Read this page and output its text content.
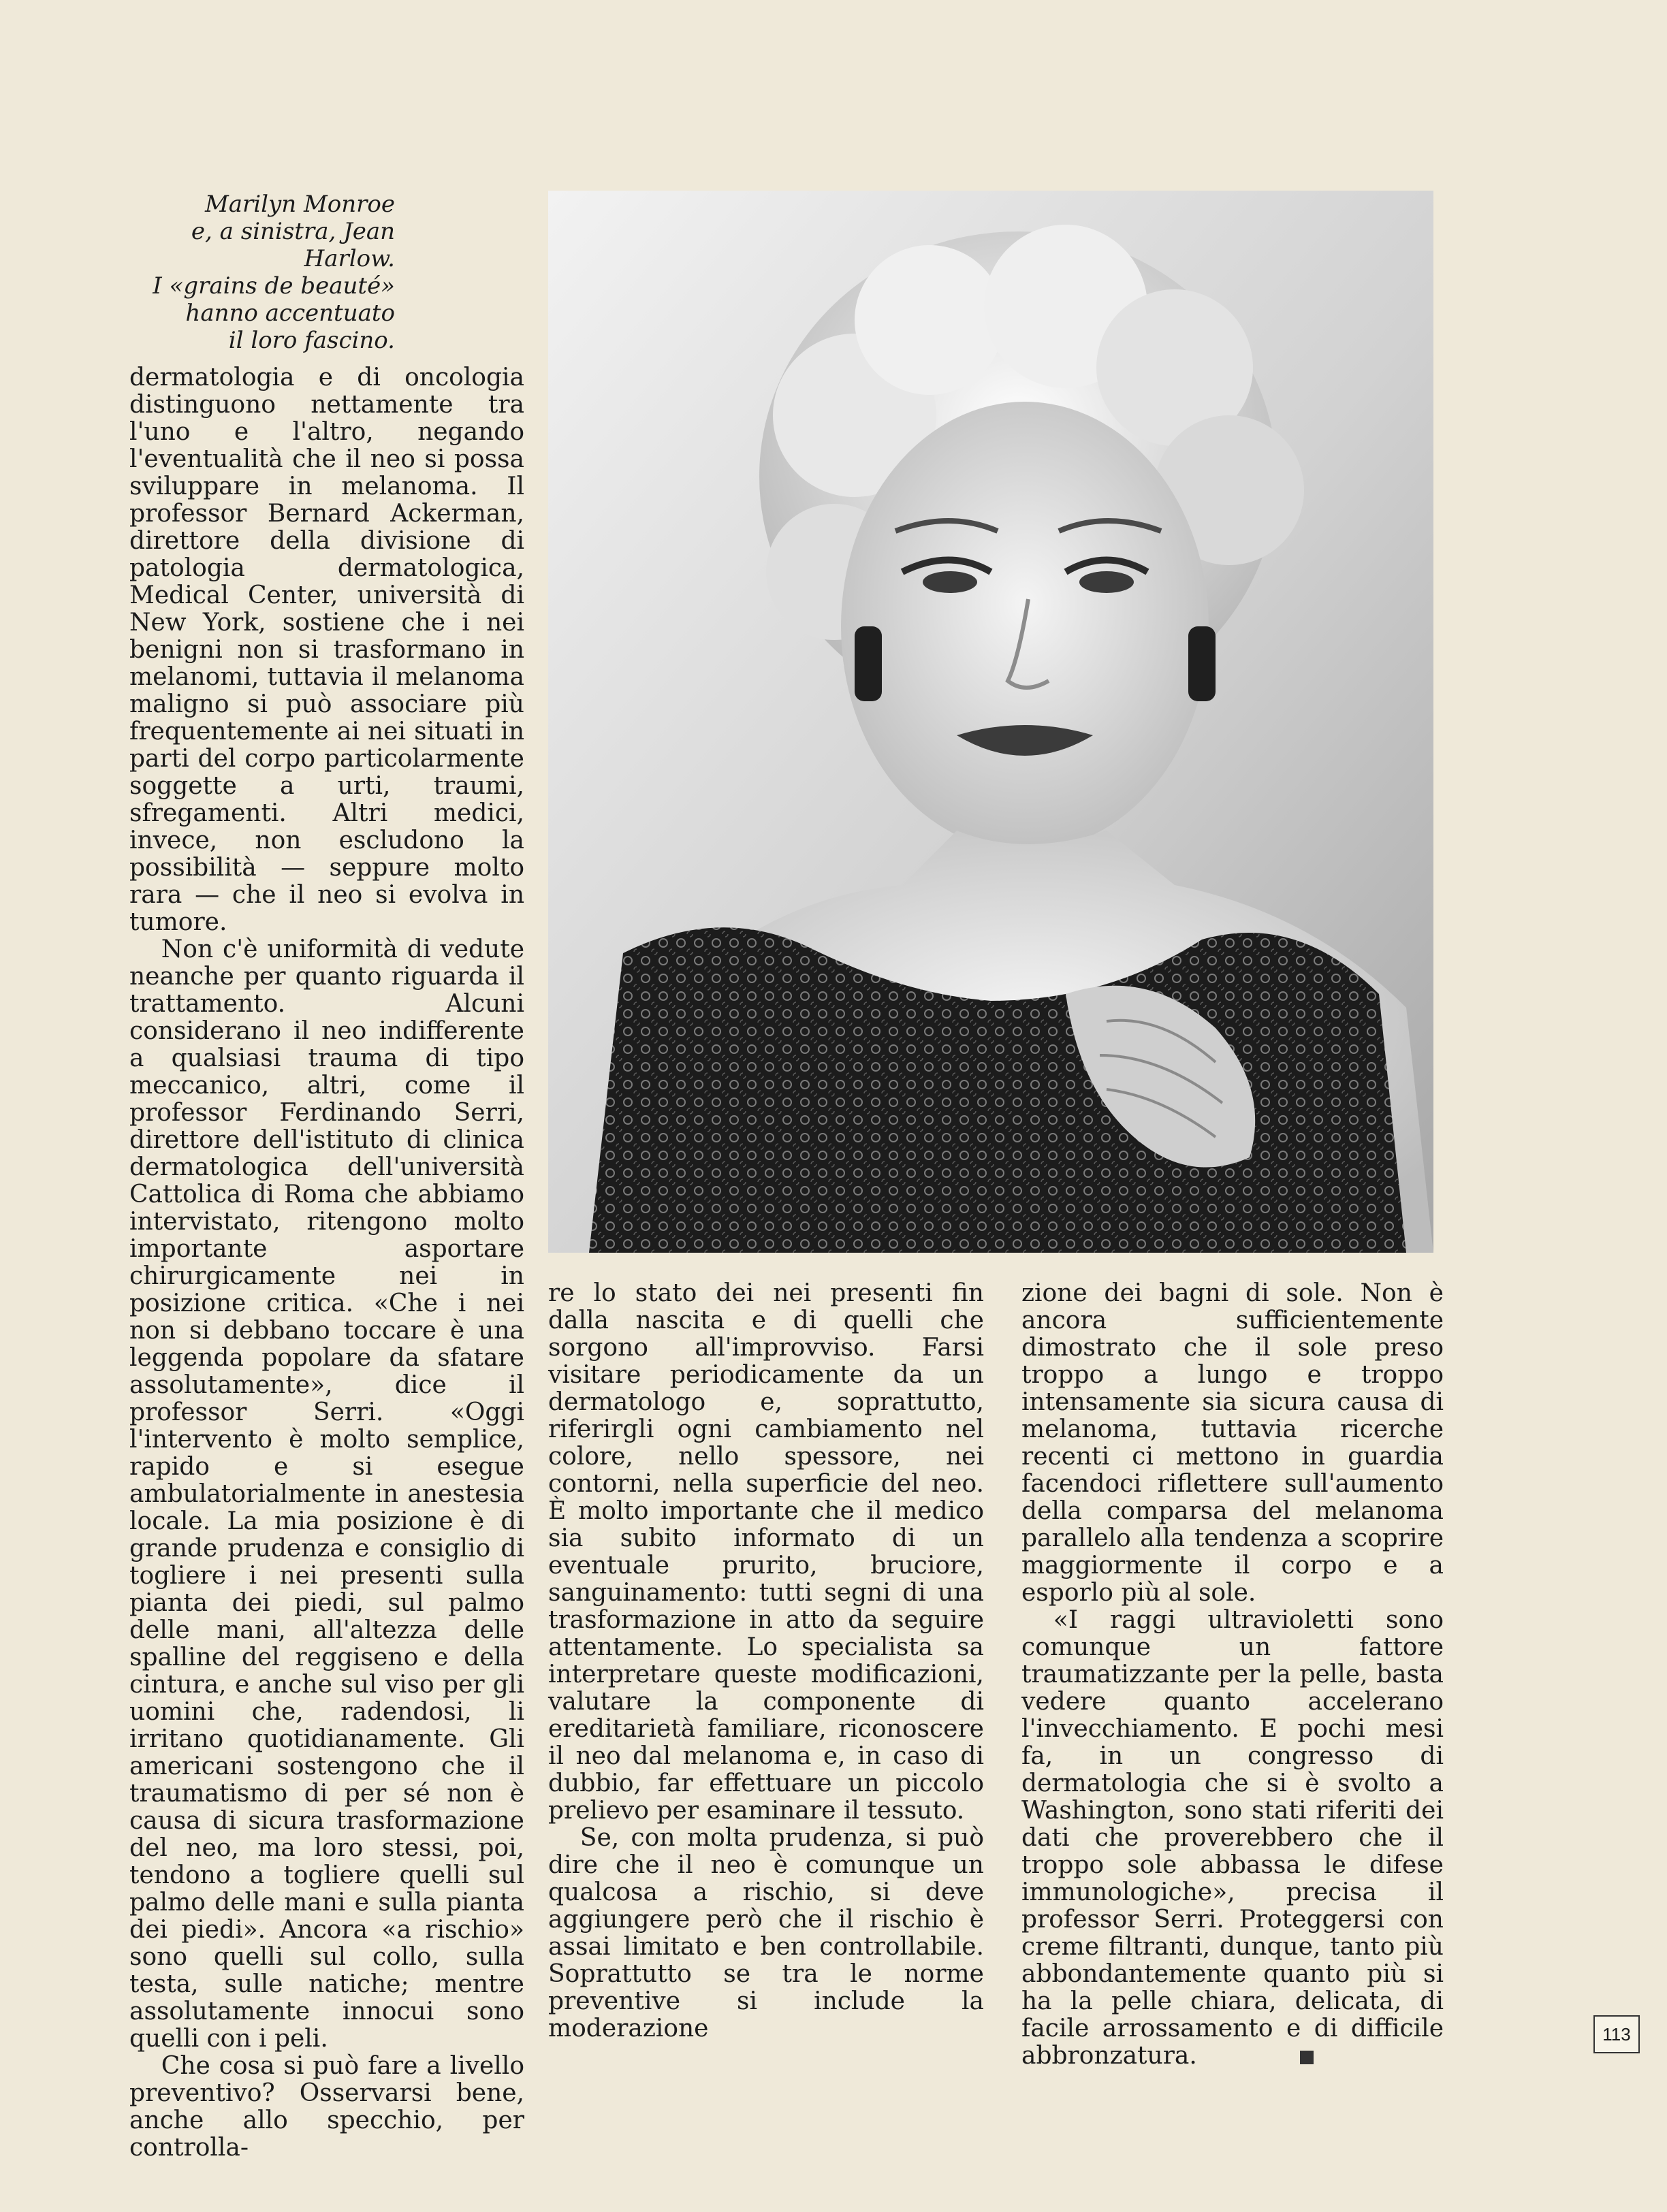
Marilyn Monroe
e, a sinistra, Jean Harlow.
I «grains de beauté»
hanno accentuato
il loro fascino.

dermatologia e di oncologia distinguono nettamente tra l'uno e l'altro, negando l'eventualità che il neo si possa sviluppare in melanoma. Il professor Bernard Ackerman, direttore della divisione di patologia dermatologica, Medical Center, università di New York, sostiene che i nei benigni non si trasformano in melanomi, tuttavia il melanoma maligno si può associare più frequentemente ai nei situati in parti del corpo particolarmente soggette a urti, traumi, sfregamenti. Altri medici, invece, non escludono la possibilità — seppure molto rara — che il neo si evolva in tumore.

Non c'è uniformità di vedute neanche per quanto riguarda il trattamento. Alcuni considerano il neo indifferente a qualsiasi trauma di tipo meccanico, altri, come il professor Ferdinando Serri, direttore dell'istituto di clinica dermatologica dell'università Cattolica di Roma che abbiamo intervistato, ritengono molto importante asportare chirurgicamente nei in posizione critica. «Che i nei non si debbano toccare è una leggenda popolare da sfatare assolutamente», dice il professor Serri. «Oggi l'intervento è molto semplice, rapido e si esegue ambulatorialmente in anestesia locale. La mia posizione è di grande prudenza e consiglio di togliere i nei presenti sulla pianta dei piedi, sul palmo delle mani, all'altezza delle spalline del reggiseno e della cintura, e anche sul viso per gli uomini che, radendosi, li irritano quotidianamente. Gli americani sostengono che il traumatismo di per sé non è causa di sicura trasformazione del neo, ma loro stessi, poi, tendono a togliere quelli sul palmo delle mani e sulla pianta dei piedi». Ancora «a rischio» sono quelli sul collo, sulla testa, sulle natiche; mentre assolutamente innocui sono quelli con i peli.

Che cosa si può fare a livello preventivo? Osservarsi bene, anche allo specchio, per controlla-

re lo stato dei nei presenti fin dalla nascita e di quelli che sorgono all'improvviso. Farsi visitare periodicamente da un dermatologo e, soprattutto, riferirgli ogni cambiamento nel colore, nello spessore, nei contorni, nella superficie del neo. È molto importante che il medico sia subito informato di un eventuale prurito, bruciore, sanguinamento: tutti segni di una trasformazione in atto da seguire attentamente. Lo specialista sa interpretare queste modificazioni, valutare la componente di ereditarietà familiare, riconoscere il neo dal melanoma e, in caso di dubbio, far effettuare un piccolo prelievo per esaminare il tessuto.

Se, con molta prudenza, si può dire che il neo è comunque un qualcosa a rischio, si deve aggiungere però che il rischio è assai limitato e ben controllabile. Soprattutto se tra le norme preventive si include la moderazione

zione dei bagni di sole. Non è ancora sufficientemente dimostrato che il sole preso troppo a lungo e troppo intensamente sia sicura causa di melanoma, tuttavia ricerche recenti ci mettono in guardia facendoci riflettere sull'aumento della comparsa del melanoma parallelo alla tendenza a scoprire maggiormente il corpo e a esporlo più al sole.

«I raggi ultravioletti sono comunque un fattore traumatizzante per la pelle, basta vedere quanto accelerano l'invecchiamento. E pochi mesi fa, in un congresso di dermatologia che si è svolto a Washington, sono stati riferiti dei dati che proverebbero che il troppo sole abbassa le difese immunologiche», precisa il professor Serri. Proteggersi con creme filtranti, dunque, tanto più abbondantemente quanto più si ha la pelle chiara, delicata, di facile arrossamento e di difficile abbronzatura.

113
